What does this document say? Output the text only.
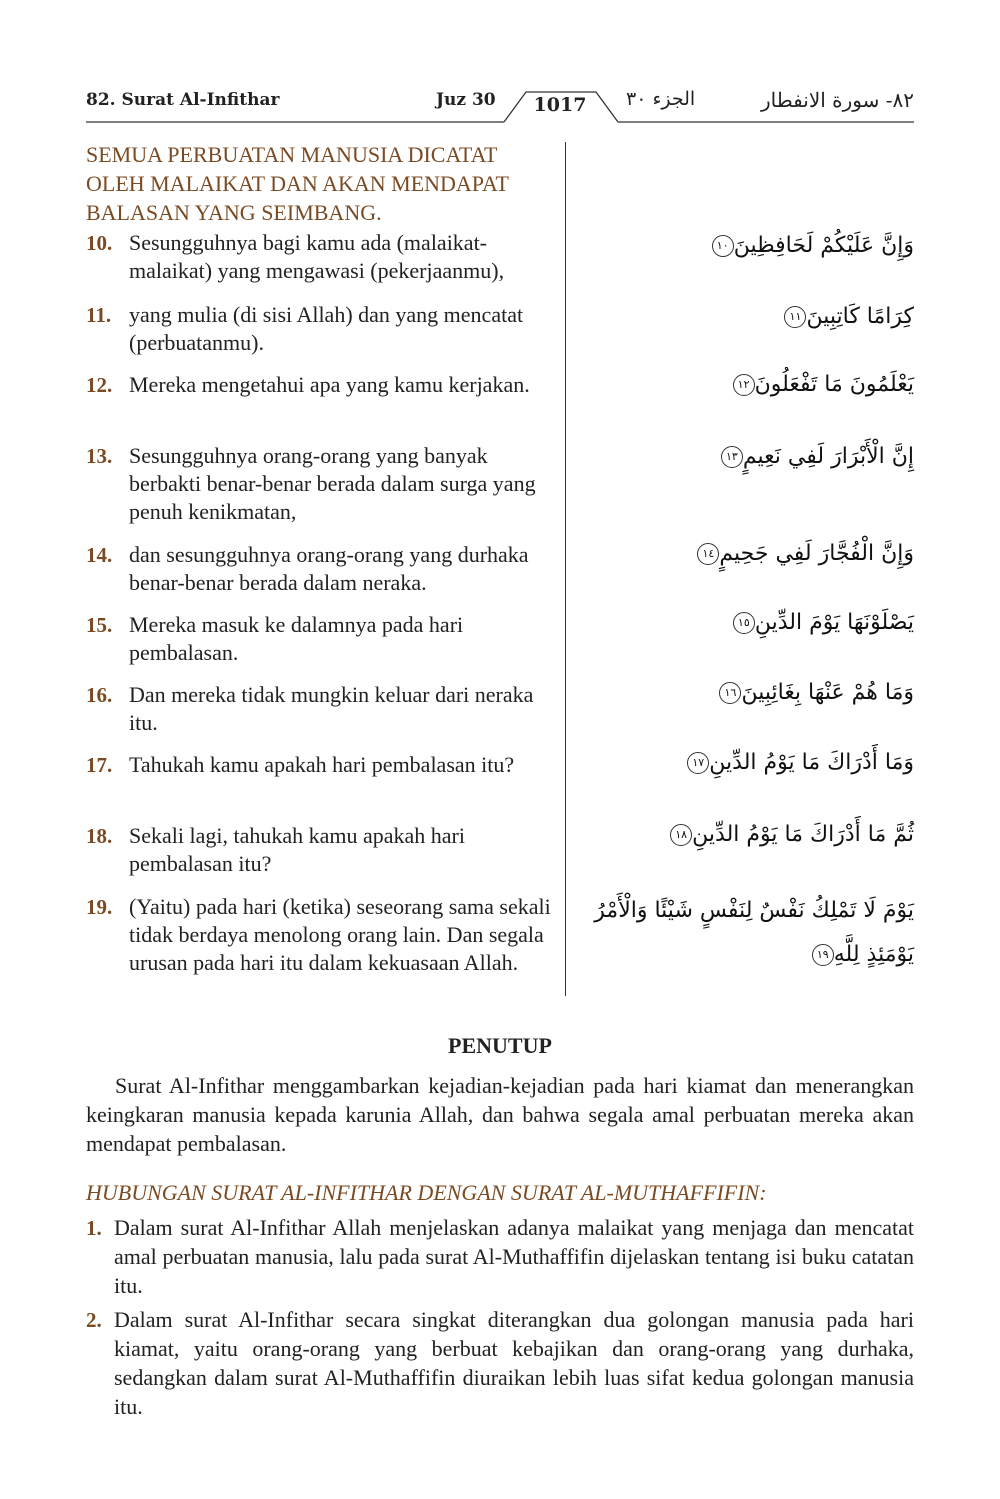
82. Surat Al-Infithar	Juz 30	1017	الجزء ٣٠	٨٢- سورة الانفطار
SEMUA PERBUATAN MANUSIA DICATAT OLEH MALAIKAT DAN AKAN MENDAPAT BALASAN YANG SEIMBANG.
10. Sesungguhnya bagi kamu ada (malaikat-malaikat) yang mengawasi (pekerjaanmu),
وَإِنَّ عَلَيْكُمْ لَحَافِظِينَ١٠
11. yang mulia (di sisi Allah) dan yang mencatat (perbuatanmu).
كِرَامًا كَاتِبِينَ١١
12. Mereka mengetahui apa yang kamu kerjakan.	يَعْلَمُونَ مَا تَفْعَلُونَ١٢
13. Sesungguhnya orang-orang yang banyak berbakti benar-benar berada dalam surga yang penuh kenikmatan,
إِنَّ الْأَبْرَارَ لَفِي نَعِيمٍ١٣
14. dan sesungguhnya orang-orang yang durhaka benar-benar berada dalam neraka.
وَإِنَّ الْفُجَّارَ لَفِي جَحِيمٍ١٤
15. Mereka masuk ke dalamnya pada hari pembalasan.
يَصْلَوْنَهَا يَوْمَ الدِّينِ١٥
16. Dan mereka tidak mungkin keluar dari neraka itu.
وَمَا هُمْ عَنْهَا بِغَائِبِينَ١٦
17. Tahukah kamu apakah hari pembalasan itu?	وَمَا أَدْرَاكَ مَا يَوْمُ الدِّينِ١٧
18. Sekali lagi, tahukah kamu apakah hari pembalasan itu?
ثُمَّ مَا أَدْرَاكَ مَا يَوْمُ الدِّينِ١٨
19. (Yaitu) pada hari (ketika) seseorang sama sekali tidak berdaya menolong orang lain. Dan segala urusan pada hari itu dalam kekuasaan Allah.
يَوْمَ لَا تَمْلِكُ نَفْسٌ لِنَفْسٍ شَيْئًا وَالْأَمْرُ يَوْمَئِذٍ لِلَّهِ١٩
PENUTUP
Surat Al-Infithar menggambarkan kejadian-kejadian pada hari kiamat dan menerangkan keingkaran manusia kepada karunia Allah, dan bahwa segala amal perbuatan mereka akan mendapat pembalasan.
HUBUNGAN SURAT AL-INFITHAR DENGAN SURAT AL-MUTHAFFIFIN:
1. Dalam surat Al-Infithar Allah menjelaskan adanya malaikat yang menjaga dan mencatat amal perbuatan manusia, lalu pada surat Al-Muthaffifin dijelaskan tentang isi buku catatan itu.
2. Dalam surat Al-Infithar secara singkat diterangkan dua golongan manusia pada hari kiamat, yaitu orang-orang yang berbuat kebajikan dan orang-orang yang durhaka, sedangkan dalam surat Al-Muthaffifin diuraikan lebih luas sifat kedua golongan manusia itu.
